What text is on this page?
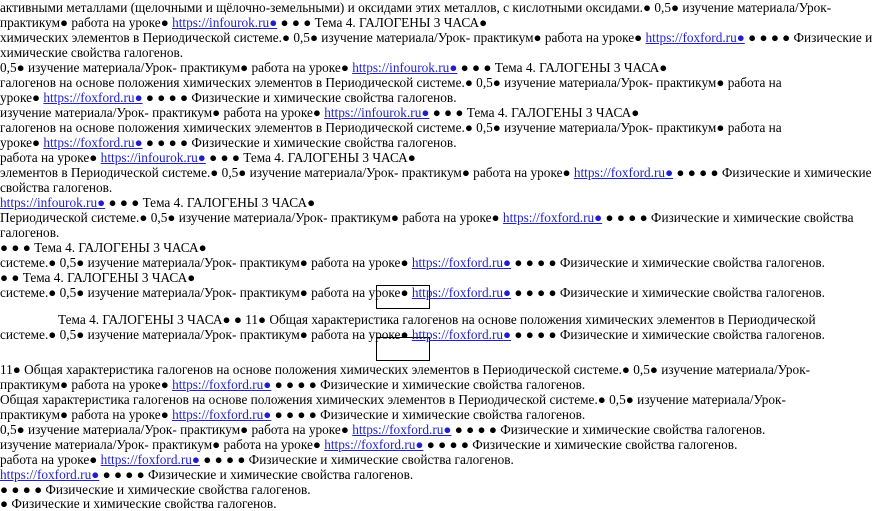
активными металлами (щелочными и щёлочно-земельными) и оксидами этих металлов, с кислотными оксидами.● 0,5● изучение материала/Урок-
практикум● работа на уроке● https://infourok.ru● ● ● ● Тема 4. ГАЛОГЕНЫ 3 ЧАСА●
химических элементов в Периодической системе.● 0,5● изучение материала/Урок- практикум● работа на уроке● https://foxford.ru● ● ● ● ● Физические и
химические свойства галогенов.
0,5● изучение материала/Урок- практикум● работа на уроке● https://infourok.ru● ● ● ● Тема 4. ГАЛОГЕНЫ 3 ЧАСА●
галогенов на основе положения химических элементов в Периодической системе.● 0,5● изучение материала/Урок- практикум● работа на
уроке● https://foxford.ru● ● ● ● ● Физические и химические свойства галогенов.
изучение материала/Урок- практикум● работа на уроке● https://infourok.ru● ● ● ● Тема 4. ГАЛОГЕНЫ 3 ЧАСА●
галогенов на основе положения химических элементов в Периодической системе.● 0,5● изучение материала/Урок- практикум● работа на
уроке● https://foxford.ru● ● ● ● ● Физические и химические свойства галогенов.
работа на уроке● https://infourok.ru● ● ● ● Тема 4. ГАЛОГЕНЫ 3 ЧАСА●
элементов в Периодической системе.● 0,5● изучение материала/Урок- практикум● работа на уроке● https://foxford.ru● ● ● ● ● Физические и химические
свойства галогенов.
https://infourok.ru● ● ● ● Тема 4. ГАЛОГЕНЫ 3 ЧАСА●
Периодической системе.● 0,5● изучение материала/Урок- практикум● работа на уроке● https://foxford.ru● ● ● ● ● Физические и химические свойства
галогенов.
● ● ● Тема 4. ГАЛОГЕНЫ 3 ЧАСА●
системе.● 0,5● изучение материала/Урок- практикум● работа на уроке● https://foxford.ru● ● ● ● ● Физические и химические свойства галогенов.
● ● Тема 4. ГАЛОГЕНЫ 3 ЧАСА●
системе.● 0,5● изучение материала/Урок- практикум● работа на уроке● https://foxford.ru● ● ● ● ● Физические и химические свойства галогенов.
Тема 4. ГАЛОГЕНЫ 3 ЧАСА● ● 11● Общая характеристика галогенов на основе положения химических элементов в Периодической
системе.● 0,5● изучение материала/Урок- практикум● работа на уроке● https://foxford.ru● ● ● ● ● Физические и химические свойства галогенов.
11● Общая характеристика галогенов на основе положения химических элементов в Периодической системе.● 0,5● изучение материала/Урок-
практикум● работа на уроке● https://foxford.ru● ● ● ● ● Физические и химические свойства галогенов.
Общая характеристика галогенов на основе положения химических элементов в Периодической системе.● 0,5● изучение материала/Урок-
практикум● работа на уроке● https://foxford.ru● ● ● ● ● Физические и химические свойства галогенов.
0,5● изучение материала/Урок- практикум● работа на уроке● https://foxford.ru● ● ● ● ● Физические и химические свойства галогенов.
изучение материала/Урок- практикум● работа на уроке● https://foxford.ru● ● ● ● ● Физические и химические свойства галогенов.
работа на уроке● https://foxford.ru● ● ● ● ● Физические и химические свойства галогенов.
https://foxford.ru● ● ● ● ● Физические и химические свойства галогенов.
● ● ● ● Физические и химические свойства галогенов.
● Физические и химические свойства галогенов.
